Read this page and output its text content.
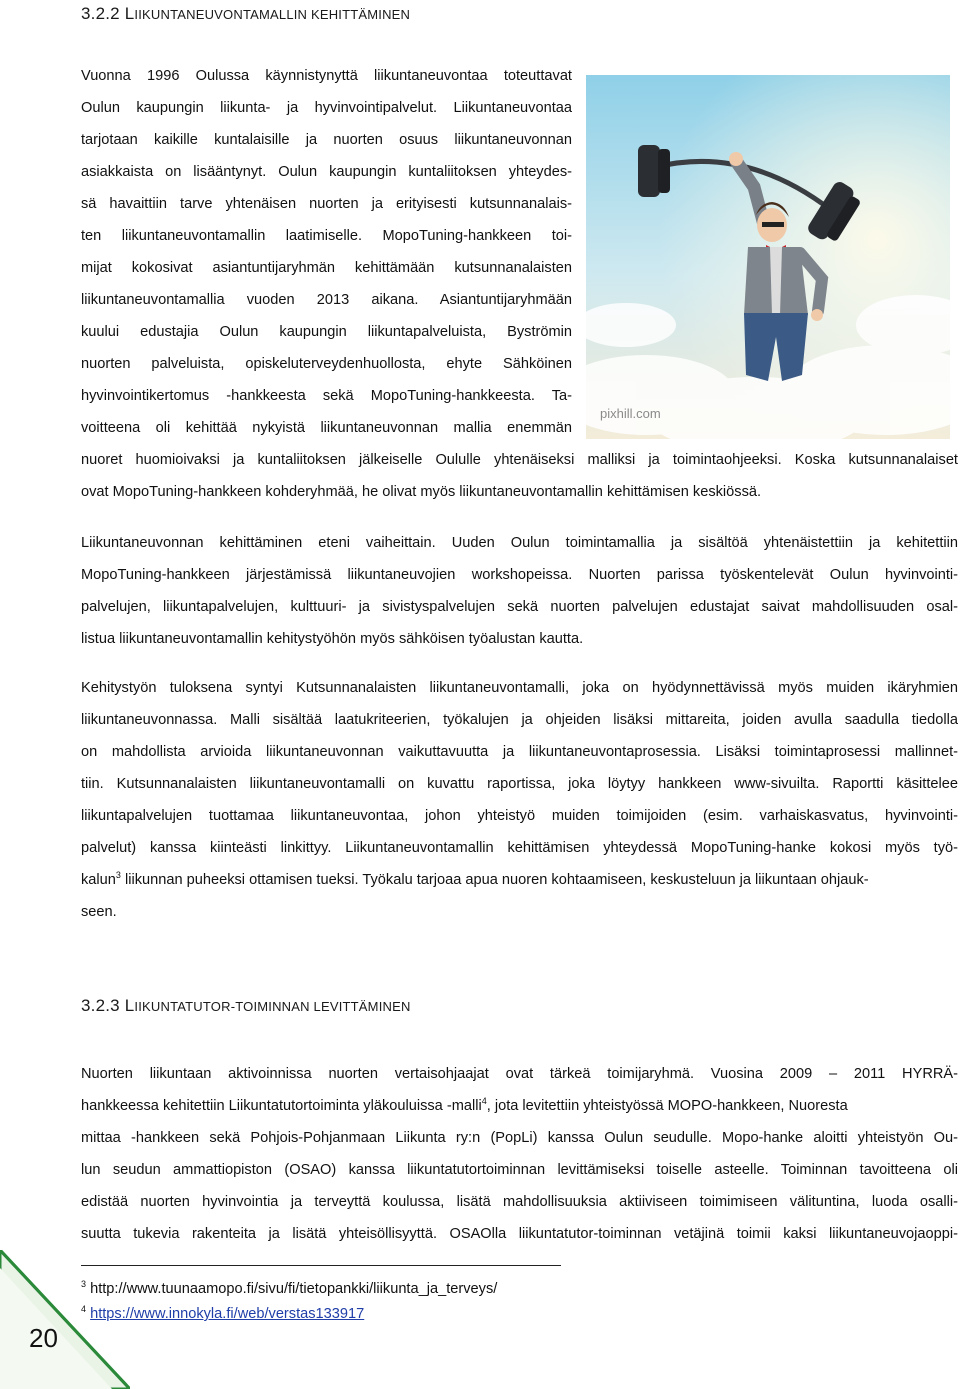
3.2.2 LIIKUNTANEUVONTAMALLIN KEHITTÄMINEN
Vuonna 1996 Oulussa käynnistynyttä liikuntaneuvontaa toteuttavat
Oulun kaupungin liikunta- ja hyvinvointipalvelut. Liikuntaneuvontaa
tarjotaan kaikille kuntalaisille ja nuorten osuus liikuntaneuvonnan
asiakkaista on lisääntynyt. Oulun kaupungin kuntaliitoksen yhteydes-
sä havaittiin tarve yhtenäisen nuorten ja erityisesti kutsunnanalais-
ten liikuntaneuvontamallin laatimiselle. MopoTuning-hankkeen toi-
mijat kokosivat asiantuntijaryhmän kehittämään kutsunnanalaisten
liikuntaneuvontamallia vuoden 2013 aikana. Asiantuntijaryhmään
kuului edustajia Oulun kaupungin liikuntapalveluista, Byströmin
nuorten palveluista, opiskeluterveydenhuollosta, ehyte Sähköinen
hyvinvointikertomus -hankkeesta sekä MopoTuning-hankkeesta. Ta-
voitteena oli kehittää nykyistä liikuntaneuvonnan mallia enemmän
nuoret huomioivaksi ja kuntaliitoksen jälkeiselle Oululle yhtenäiseksi malliksi ja toimintaohjeeksi. Koska kutsunnanalaiset
ovat MopoTuning-hankkeen kohderyhmää, he olivat myös liikuntaneuvontamallin kehittämisen keskiössä.
pixhill.com
Liikuntaneuvonnan kehittäminen eteni vaiheittain. Uuden Oulun toimintamallia ja sisältöä yhtenäistettiin ja kehitettiin
MopoTuning-hankkeen järjestämissä liikuntaneuvojien workshopeissa. Nuorten parissa työskentelevät Oulun hyvinvointi-
palvelujen, liikuntapalvelujen, kulttuuri- ja sivistyspalvelujen sekä nuorten palvelujen edustajat saivat mahdollisuuden osal-
listua liikuntaneuvontamallin kehitystyöhön myös sähköisen työalustan kautta.
Kehitystyön tuloksena syntyi Kutsunnanalaisten liikuntaneuvontamalli, joka on hyödynnettävissä myös muiden ikäryhmien
liikuntaneuvonnassa. Malli sisältää laatukriteerien, työkalujen ja ohjeiden lisäksi mittareita, joiden avulla saadulla tiedolla
on mahdollista arvioida liikuntaneuvonnan vaikuttavuutta ja liikuntaneuvontaprosessia. Lisäksi toimintaprosessi mallinnet-
tiin. Kutsunnanalaisten liikuntaneuvontamalli on kuvattu raportissa, joka löytyy hankkeen www-sivuilta. Raportti käsittelee
liikuntapalvelujen tuottamaa liikuntaneuvontaa, johon yhteistyö muiden toimijoiden (esim. varhaiskasvatus, hyvinvointi-
palvelut) kanssa kiinteästi linkittyy. Liikuntaneuvontamallin kehittämisen yhteydessä MopoTuning-hanke kokosi myös työ-
kalun$^3$ liikunnan puheeksi ottamisen tueksi. Työkalu tarjoaa apua nuoren kohtaamiseen, keskusteluun ja liikuntaan ohjauk-
seen.
3.2.3 LIIKUNTATUTOR-TOIMINNAN LEVITTÄMINEN
Nuorten liikuntaan aktivoinnissa nuorten vertaisohjaajat ovat tärkeä toimijaryhmä. Vuosina 2009 – 2011 HYRRÄ-
hankkeessa kehitettiin Liikuntatutortoiminta yläkouluissa -malli$^4$, jota levitettiin yhteistyössä MOPO-hankkeen, Nuoresta
mittaa -hankkeen sekä Pohjois-Pohjanmaan Liikunta ry:n (PopLi) kanssa Oulun seudulle. Mopo-hanke aloitti yhteistyön Ou-
lun seudun ammattiopiston (OSAO) kanssa liikuntatutortoiminnan levittämiseksi toiselle asteelle. Toiminnan tavoitteena oli
edistää nuorten hyvinvointia ja terveyttä koulussa, lisätä mahdollisuuksia aktiiviseen toimimiseen välituntina, luoda osalli-
suutta tukevia rakenteita ja lisätä yhteisöllisyyttä. OSAOlla liikuntatutor-toiminnan vetäjinä toimii kaksi liikuntaneuvojaoppi-
$^3$ http://www.tuunaamopo.fi/sivu/fi/tietopankki/liikunta_ja_terveys/
$^4$ https://www.innokyla.fi/web/verstas133917
20
